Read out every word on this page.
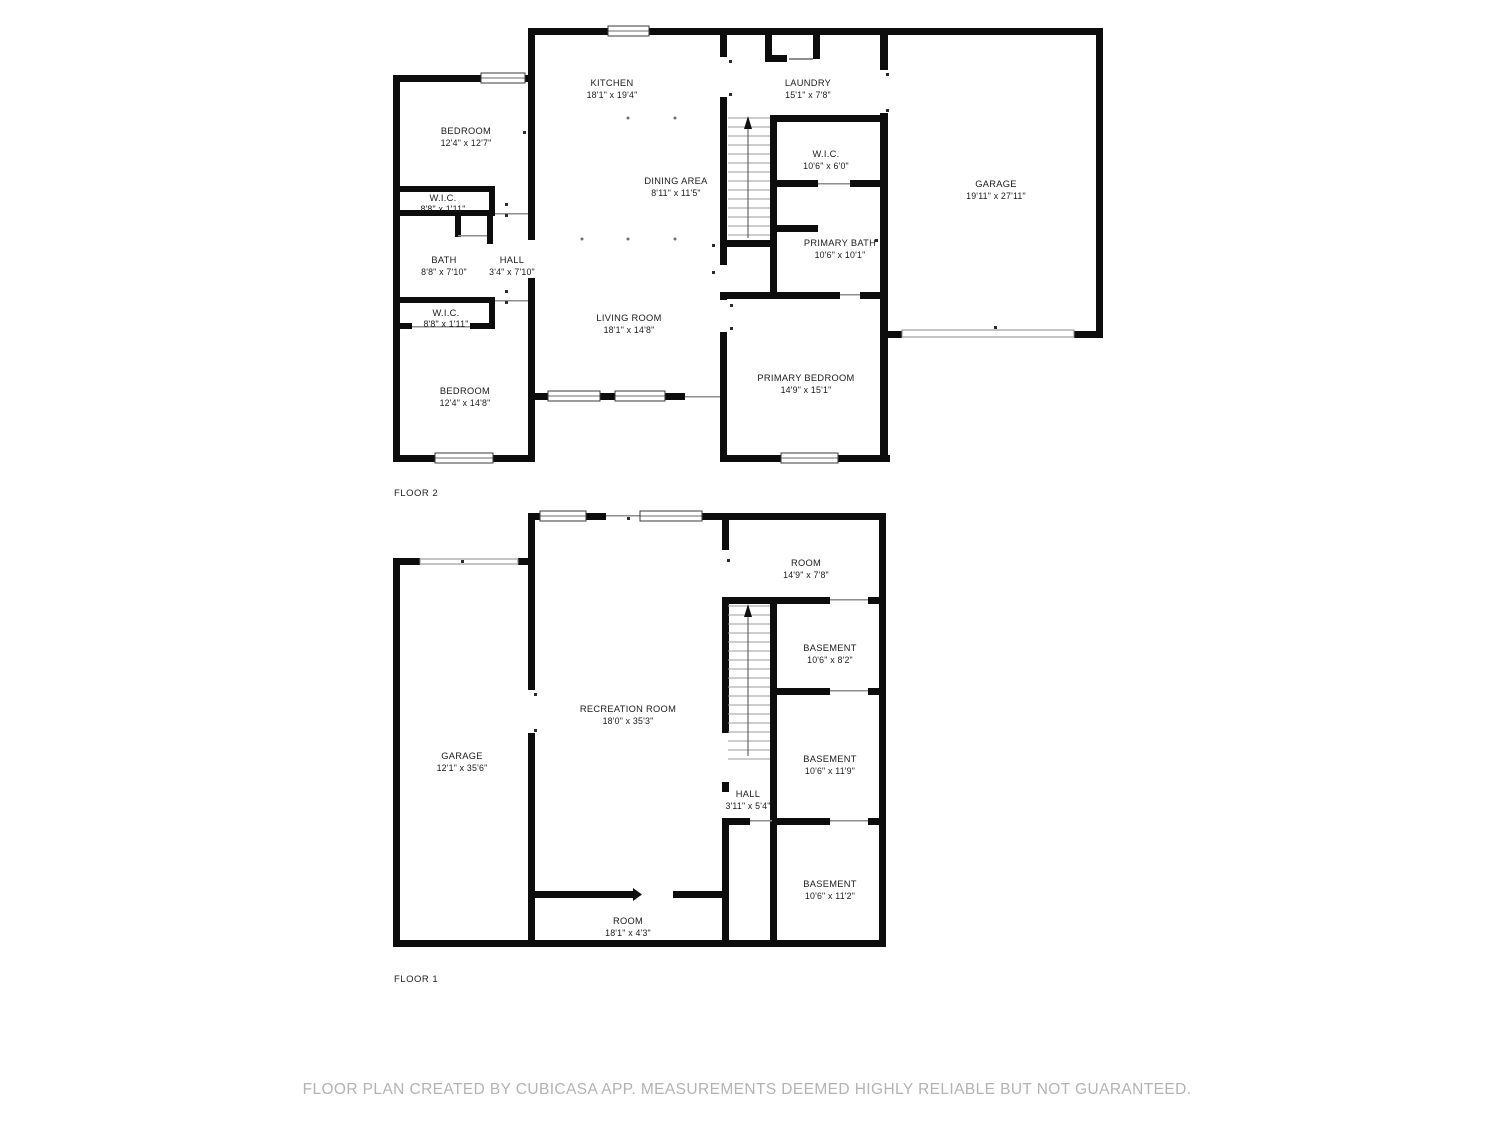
KITCHEN
18'1" x 19'4"
LAUNDRY
15'1" x 7'8"
BEDROOM
12'4" x 12'7"
W.I.C.
8'8" x 1'11"
W.I.C.
10'6" x 6'0"
DINING AREA
8'11" x 11'5"
PRIMARY BATH
10'6" x 10'1"
BATH
8'8" x 7'10"
HALL
3'4" x 7'10"
W.I.C.
8'8" x 1'11"
GARAGE
19'11" x 27'11"
LIVING ROOM
18'1" x 14'8"
PRIMARY BEDROOM
14'9" x 15'1"
BEDROOM
12'4" x 14'8"
FLOOR 2
ROOM
14'9" x 7'8"
BASEMENT
10'6" x 8'2"
RECREATION ROOM
18'0" x 35'3"
GARAGE
12'1" x 35'6"
BASEMENT
10'6" x 11'9"
HALL
3'11" x 5'4"
BASEMENT
10'6" x 11'2"
ROOM
18'1" x 4'3"
FLOOR 1
FLOOR PLAN CREATED BY CUBICASA APP. MEASUREMENTS DEEMED HIGHLY RELIABLE BUT NOT GUARANTEED.
